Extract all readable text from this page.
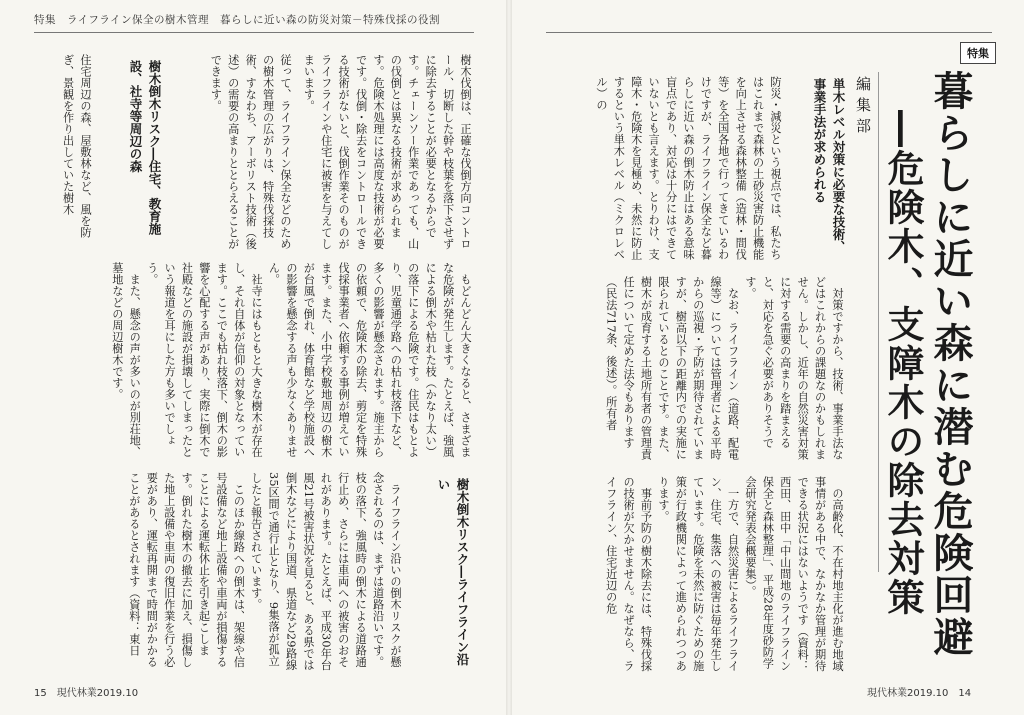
特集　ライフライン保全の樹木管理　暮らしに近い森の防災対策－特殊伐採の役割
樹木伐倒は、正確な伐倒方向コントロール、切断した幹や枝葉を落下させずに除去することが必要となるからです。チェーンソー作業であっても、山の伐倒とは異なる技術が求められます。危険木処理には高度な技術が必要です。伐倒・除去をコントロールできる技術がないと、伐倒作業そのものがライフラインや住宅に被害を与えてしまいます。
従って、ライフライン保全などのための樹木管理の広がりは、特殊伐採技術、すなわち、アーボリスト技術（後述）の需要の高まりととらえることができます。
樹木倒木リスク―住宅、教育施設、社寺等周辺の森
住宅周辺の森、屋敷林など、風を防ぎ、景観を作り出していた樹木
　もどんどん大きくなると、さまざまな危険が発生します。たとえば、強風による倒木や枯れた枝（かなり太い）の落下による危険です。住民はもとより、児童通学路への枯れ枝落下など、多くの影響が懸念されます。施主からの依頼で、危険木の除去、剪定を特殊伐採事業者へ依頼する事例が増えています。また、小中学校敷地周辺の樹木が台風で倒れ、体育館など学校施設への影響を懸念する声も少なくありません。
　社寺にはもともと大きな樹木が存在し、それ自体が信仰の対象となっています。ここでも枯れ枝落下、倒木の影響を心配する声があり、実際に倒木で社殿などの施設が損壊してしまったという報道を耳にした方も多いでしょう。
　また、懸念の声が多いのが別荘地、墓地などの周辺樹木です。
樹木倒木リスク―ライフライン沿い
　ライフライン沿いの倒木リスクが懸念されるのは、まずは道路沿いです。枝の落下、強風時の倒木による道路通行止め、さらには車両への被害のおそれがあります。たとえば、平成30年台風21号被害状況を見ると、ある県では倒木などにより国道、県道など29路線35区間で通行止となり、9集落が孤立したと報告されています。
　このほか線路への倒木は、架線や信号設備など地上設備や車両が損傷することによる運転休止を引き起こします。倒れた樹木の撤去に加え、損傷した地上設備や車両の復旧作業を行う必要があり、運転再開まで時間がかかることがあるとされます（資料：東日
15　現代林業2019.10	現代林業2019.10　14
特集
暮らしに近い森に潜む危険回避
―危険木、支障木の除去対策
編集部
単木レベル対策に必要な技術、事業手法が求められる
防災・減災という視点では、私たちはこれまで森林の土砂災害防止機能を向上させる森林整備（造林・間伐等）を全国各地で行ってきているわけですが、ライフライン保全など暮らしに近い森の倒木防止はある意味盲点であり、対応は十分にはできていないとも言えます。とりわけ、支障木・危険木を見極め、未然に防止するという単木レベル（ミクロレベル）の
　対策ですから、技術、事業手法などはこれからの課題なのかもしれません。しかし、近年の自然災害対策に対する需要の高まりを踏まえると、対応を急ぐ必要がありそうです。
　なお、ライフライン（道路、配電線等）については管理者による平時からの巡視・予防が期待されていますが、樹高以下の距離内での実施に限られているとのことです。また、樹木が成育する土地所有者の管理責任について定めた法令もあります（民法717条、後述）。所有者
　の高齢化、不在村地主化が進む地域事情がある中で、なかなか管理が期待できる状況にはないようです（資料：西田、田中「中山間地のライフライン保全と森林整理」、平成28年度砂防学会研究発表会概要集）。
　一方で、自然災害によるライフライン、住宅、集落への被害は毎年発生しています。危険を未然に防ぐための施策が行政機関によって進められつつあります。
　事前予防の樹木除去には、特殊伐採の技術が欠かせません。なぜなら、ライフライン、住宅近辺の危
